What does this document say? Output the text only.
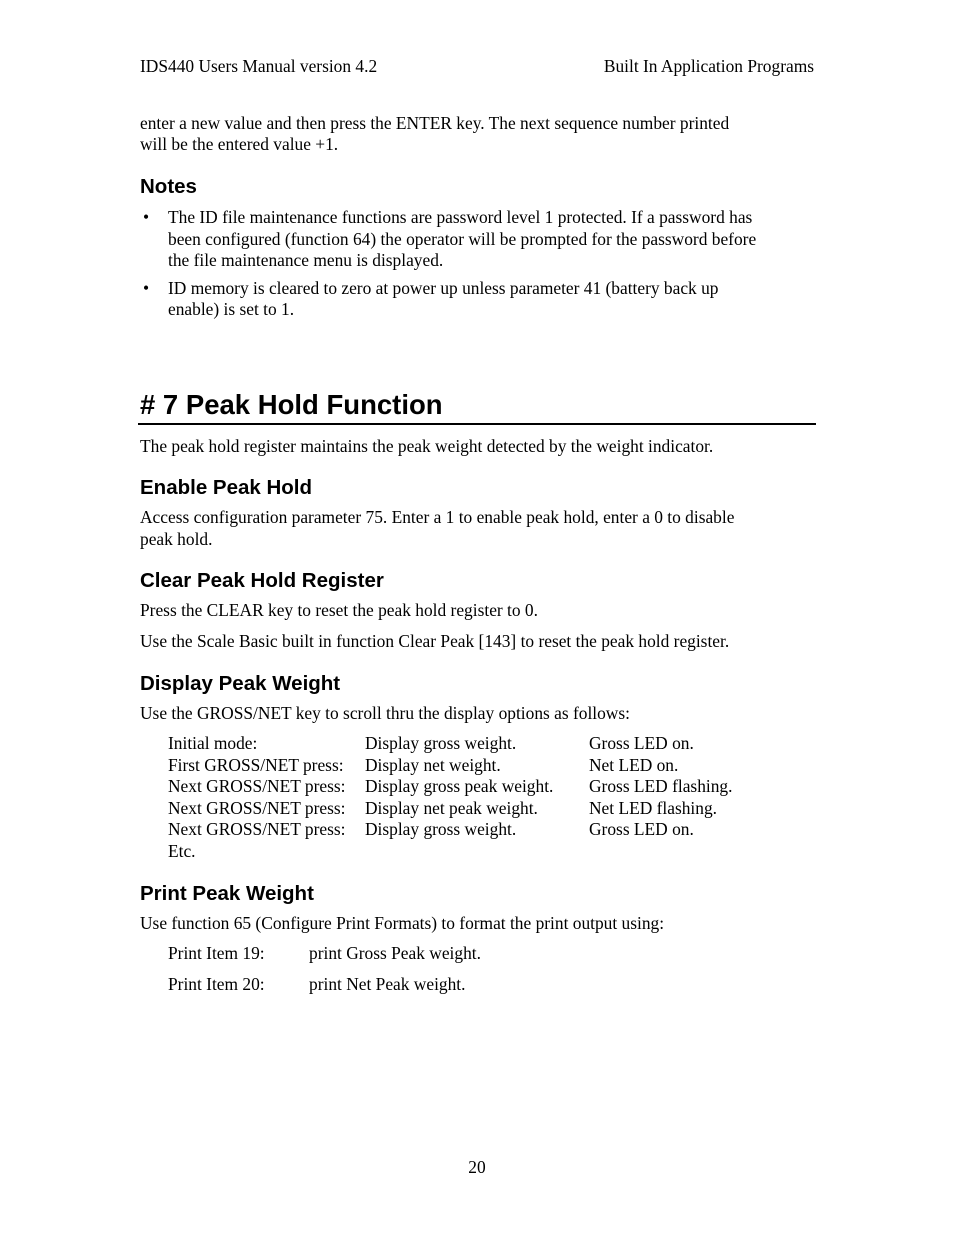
IDS440 Users Manual version 4.2	Built In Application Programs
enter a new value and then press the ENTER key. The next sequence number printed
will be the entered value +1.
Notes
• The ID file maintenance functions are password level 1 protected. If a password has
been configured (function 64) the operator will be prompted for the password before
the file maintenance menu is displayed.
• ID memory is cleared to zero at power up unless parameter 41 (battery back up
enable) is set to 1.
# 7 Peak Hold Function
The peak hold register maintains the peak weight detected by the weight indicator.
Enable Peak Hold
Access configuration parameter 75. Enter a 1 to enable peak hold, enter a 0 to disable
peak hold.
Clear Peak Hold Register
Press the CLEAR key to reset the peak hold register to 0.
Use the Scale Basic built in function Clear Peak [143] to reset the peak hold register.
Display Peak Weight
Use the GROSS/NET key to scroll thru the display options as follows:
Initial mode:	Display gross weight.	Gross LED on.
First GROSS/NET press: Display net weight.	Net LED on.
Next GROSS/NET press: Display gross peak weight. Gross LED flashing.
Next GROSS/NET press: Display net peak weight.	Net LED flashing.
Next GROSS/NET press: Display gross weight.	Gross LED on.
Etc.
Print Peak Weight
Use function 65 (Configure Print Formats) to format the print output using:
Print Item 19:	print Gross Peak weight.
Print Item 20:	print Net Peak weight.
20
